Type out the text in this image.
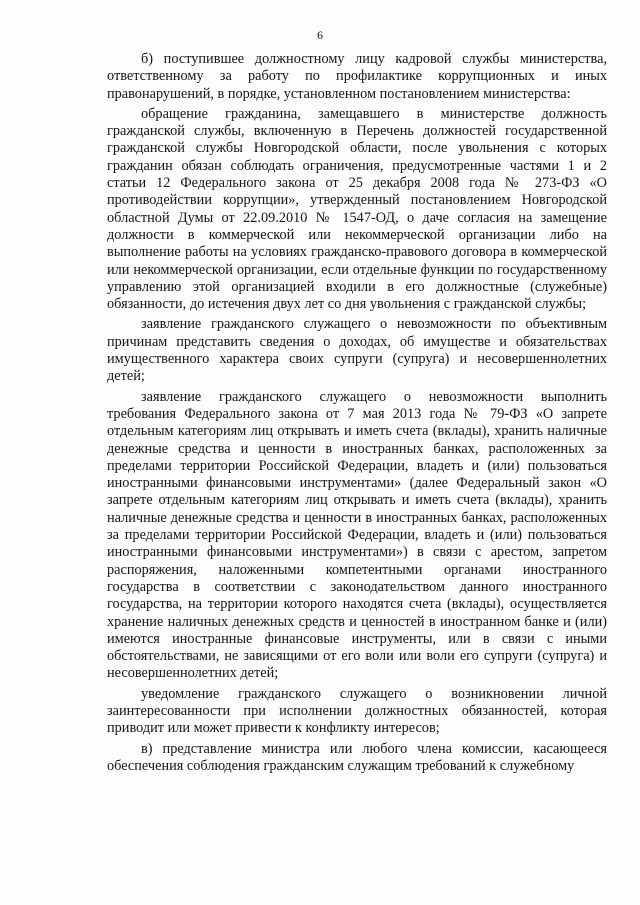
6

б) поступившее должностному лицу кадровой службы министерства, ответственному за работу по профилактике коррупционных и иных правонарушений, в порядке, установленном постановлением министерства:

обращение гражданина, замещавшего в министерстве должность гражданской службы, включенную в Перечень должностей государственной гражданской службы Новгородской области, после увольнения с которых гражданин обязан соблюдать ограничения, предусмотренные частями 1 и 2 статьи 12 Федерального закона от 25 декабря 2008 года № 273-ФЗ «О противодействии коррупции», утвержденный постановлением Новгородской областной Думы от 22.09.2010 № 1547-ОД, о даче согласия на замещение должности в коммерческой или некоммерческой организации либо на выполнение работы на условиях гражданско-правового договора в коммерческой или некоммерческой организации, если отдельные функции по государственному управлению этой организацией входили в его должностные (служебные) обязанности, до истечения двух лет со дня увольнения с гражданской службы;

заявление гражданского служащего о невозможности по объективным причинам представить сведения о доходах, об имуществе и обязательствах имущественного характера своих супруги (супруга) и несовершеннолетних детей;

заявление гражданского служащего о невозможности выполнить требования Федерального закона от 7 мая 2013 года № 79-ФЗ «О запрете отдельным категориям лиц открывать и иметь счета (вклады), хранить наличные денежные средства и ценности в иностранных банках, расположенных за пределами территории Российской Федерации, владеть и (или) пользоваться иностранными финансовыми инструментами» (далее Федеральный закон «О запрете отдельным категориям лиц открывать и иметь счета (вклады), хранить наличные денежные средства и ценности в иностранных банках, расположенных за пределами территории Российской Федерации, владеть и (или) пользоваться иностранными финансовыми инструментами») в связи с арестом, запретом распоряжения, наложенными компетентными органами иностранного государства в соответствии с законодательством данного иностранного государства, на территории которого находятся счета (вклады), осуществляется хранение наличных денежных средств и ценностей в иностранном банке и (или) имеются иностранные финансовые инструменты, или в связи с иными обстоятельствами, не зависящими от его воли или воли его супруги (супруга) и несовершеннолетних детей;

уведомление гражданского служащего о возникновении личной заинтересованности при исполнении должностных обязанностей, которая приводит или может привести к конфликту интересов;

в) представление министра или любого члена комиссии, касающееся обеспечения соблюдения гражданским служащим требований к служебному
